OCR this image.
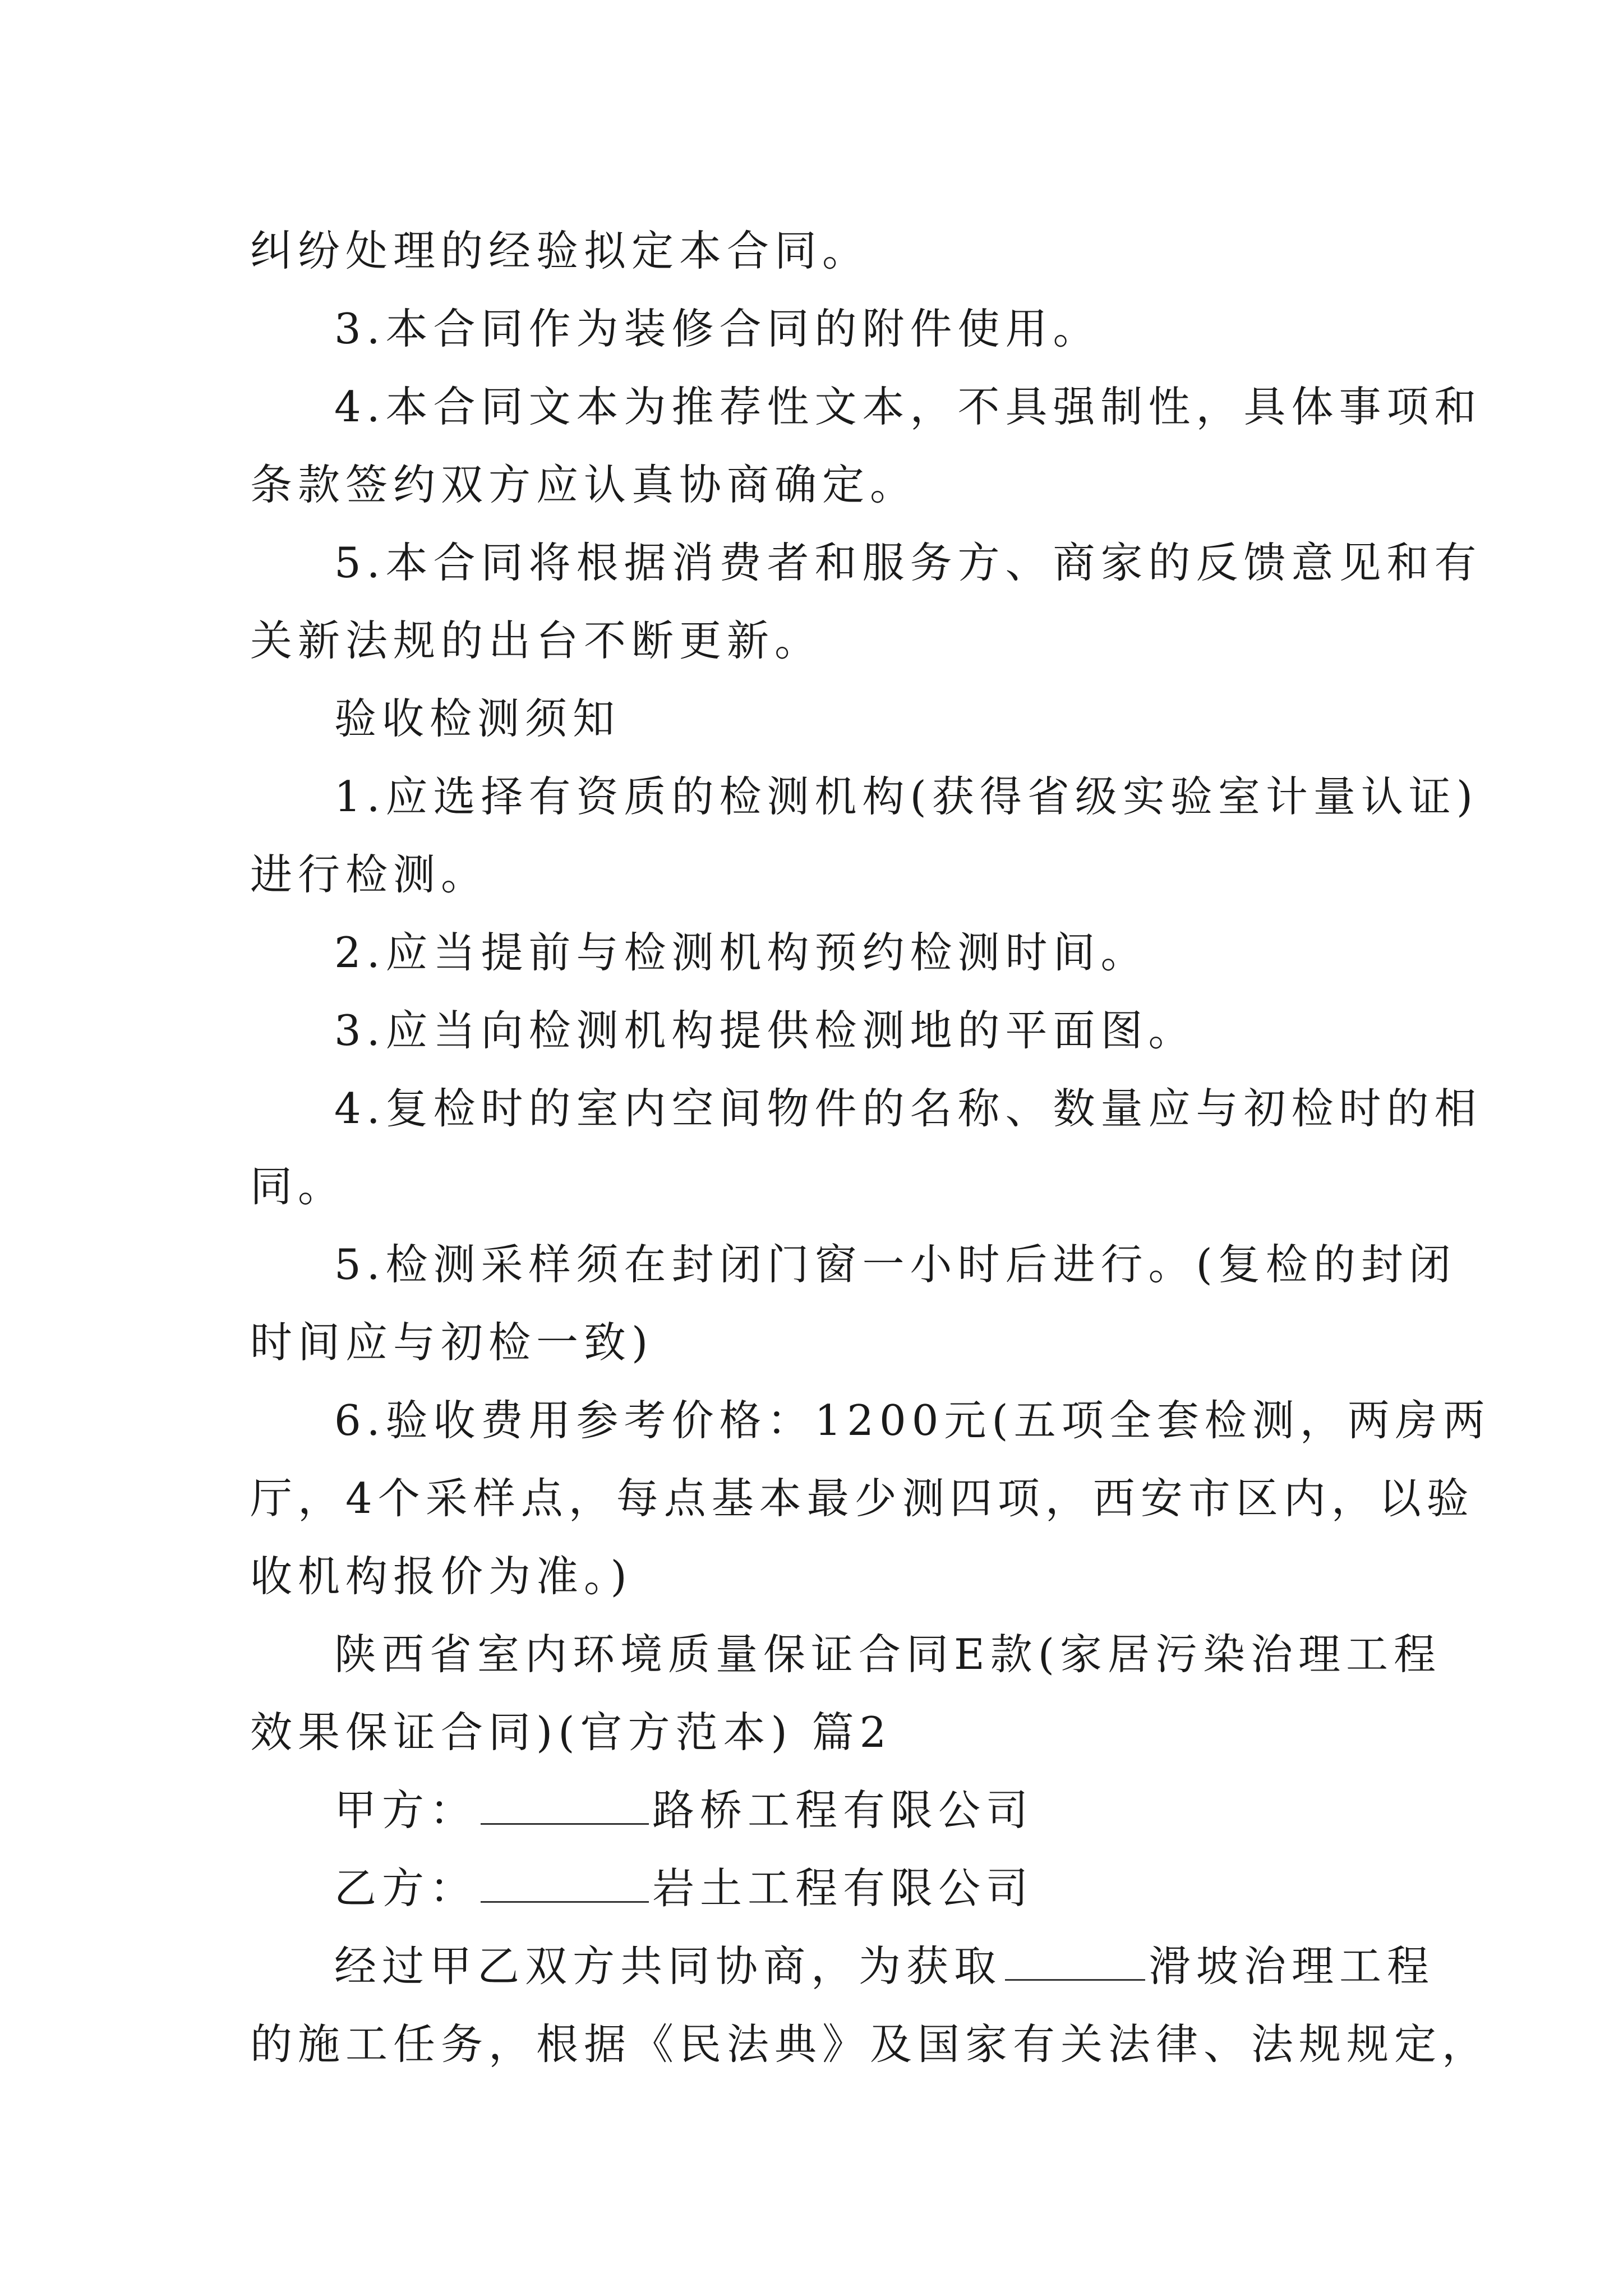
纠纷处理的经验拟定本合同。
3.本合同作为装修合同的附件使用。
4.本合同文本为推荐性文本，不具强制性，具体事项和
条款签约双方应认真协商确定。
5.本合同将根据消费者和服务方、商家的反馈意见和有
关新法规的出台不断更新。
验收检测须知
1.应选择有资质的检测机构(获得省级实验室计量认证)
进行检测。
2.应当提前与检测机构预约检测时间。
3.应当向检测机构提供检测地的平面图。
4.复检时的室内空间物件的名称、数量应与初检时的相
同。
5.检测采样须在封闭门窗一小时后进行。(复检的封闭
时间应与初检一致)
6.验收费用参考价格：1200元(五项全套检测，两房两
厅，4个采样点，每点基本最少测四项，西安市区内，以验
收机构报价为准。)
陕西省室内环境质量保证合同E款(家居污染治理工程
效果保证合同)(官方范本) 篇2
甲方：	路桥工程有限公司
乙方：	岩土工程有限公司
经过甲乙双方共同协商，为获取	滑坡治理工程
的施工任务，根据《民法典》及国家有关法律、法规规定，
